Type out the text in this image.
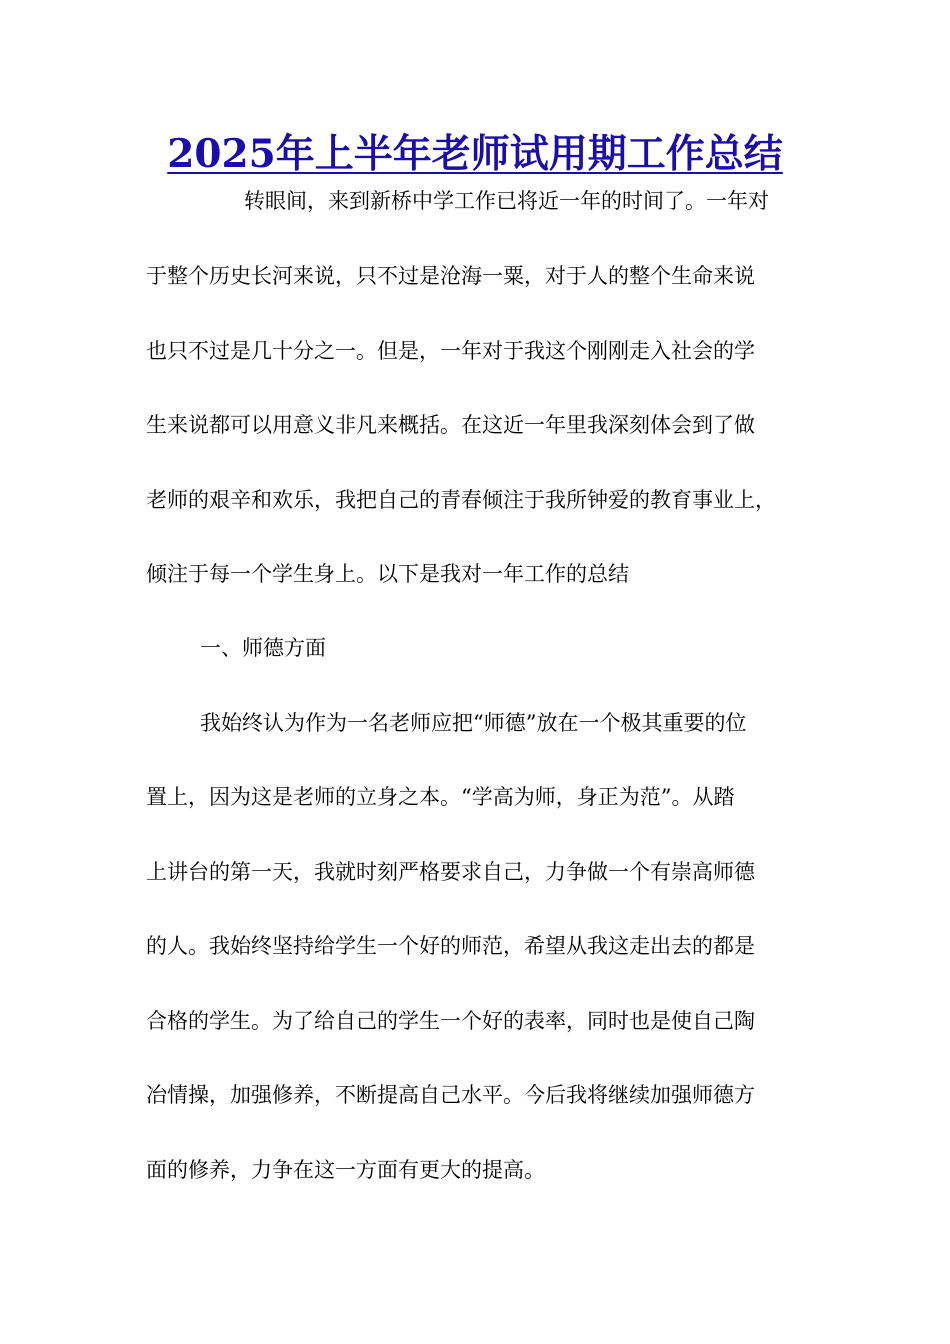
2025年上半年老师试用期工作总结
转眼间，来到新桥中学工作已将近一年的时间了。一年对
于整个历史长河来说，只不过是沧海一粟，对于人的整个生命来说
也只不过是几十分之一。但是，一年对于我这个刚刚走入社会的学
生来说都可以用意义非凡来概括。在这近一年里我深刻体会到了做
老师的艰辛和欢乐，我把自己的青春倾注于我所钟爱的教育事业上，
倾注于每一个学生身上。以下是我对一年工作的总结
一、师德方面
我始终认为作为一名老师应把“师德”放在一个极其重要的位
置上，因为这是老师的立身之本。“学高为师，身正为范”。从踏
上讲台的第一天，我就时刻严格要求自己，力争做一个有崇高师德
的人。我始终坚持给学生一个好的师范，希望从我这走出去的都是
合格的学生。为了给自己的学生一个好的表率，同时也是使自己陶
冶情操，加强修养，不断提高自己水平。今后我将继续加强师德方
面的修养，力争在这一方面有更大的提高。
